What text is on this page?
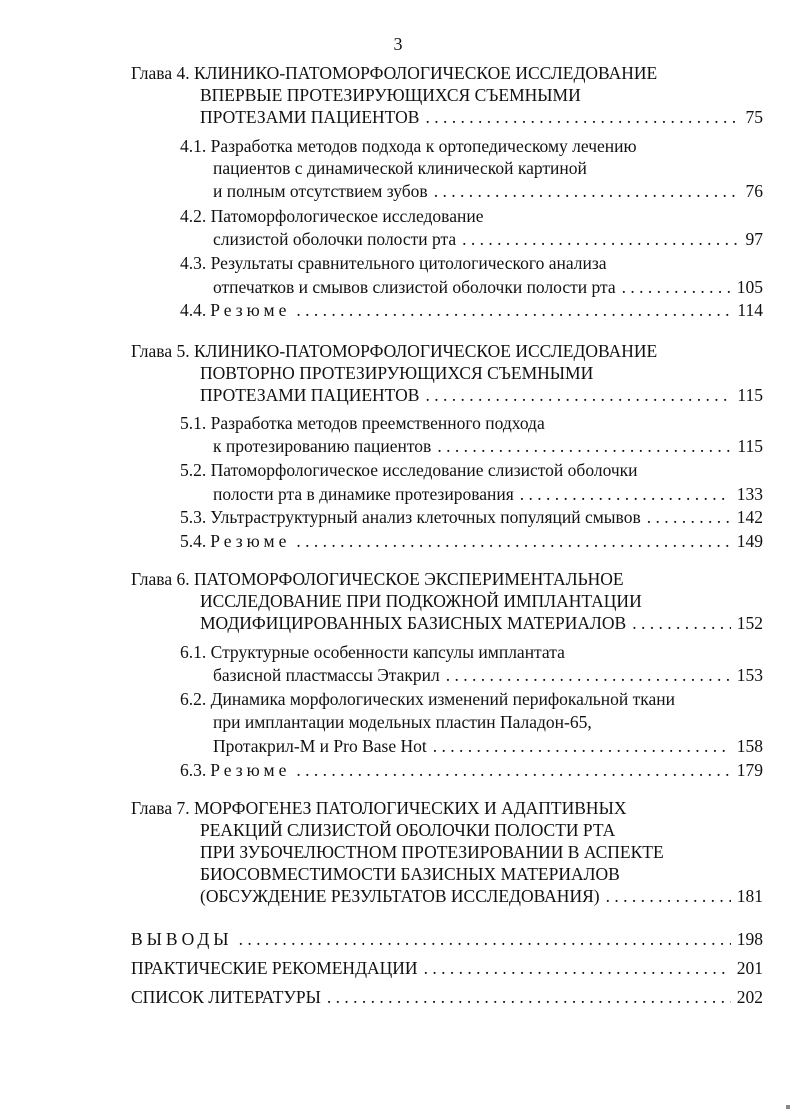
3
Глава 4. КЛИНИКО-ПАТОМОРФОЛОГИЧЕСКОЕ ИССЛЕДОВАНИЕ
ВПЕРВЫЕ ПРОТЕЗИРУЮЩИХСЯ СЪЕМНЫМИ
ПРОТЕЗАМИ ПАЦИЕНТОВ . . .	75
4.1. Разработка методов подхода к ортопедическому лечению
пациентов с динамической клинической картиной
и полным отсутствием зубов . . .	76
4.2. Патоморфологическое исследование
слизистой оболочки полости рта . . .	97
4.3. Результаты сравнительного цитологического анализа
отпечатков и смывов слизистой оболочки полости рта . . .	105
4.4. Резюме . . .	114
Глава 5. КЛИНИКО-ПАТОМОРФОЛОГИЧЕСКОЕ ИССЛЕДОВАНИЕ
ПОВТОРНО ПРОТЕЗИРУЮЩИХСЯ СЪЕМНЫМИ
ПРОТЕЗАМИ ПАЦИЕНТОВ . . .	115
5.1. Разработка методов преемственного подхода
к протезированию пациентов . . .	115
5.2. Патоморфологическое исследование слизистой оболочки
полости рта в динамике протезирования . . .	133
5.3. Ультраструктурный анализ клеточных популяций смывов . . .	142
5.4. Резюме . . .	149
Глава 6. ПАТОМОРФОЛОГИЧЕСКОЕ ЭКСПЕРИМЕНТАЛЬНОЕ
ИССЛЕДОВАНИЕ ПРИ ПОДКОЖНОЙ ИМПЛАНТАЦИИ
МОДИФИЦИРОВАННЫХ БАЗИСНЫХ МАТЕРИАЛОВ . . .	152
6.1. Структурные особенности капсулы имплантата
базисной пластмассы Этакрил . . .	153
6.2. Динамика морфологических изменений перифокальной ткани
при имплантации модельных пластин Паладон-65,
Протакрил-М и Pro Base Hot . . .	158
6.3. Резюме . . .	179
Глава 7. МОРФОГЕНЕЗ ПАТОЛОГИЧЕСКИХ И АДАПТИВНЫХ
РЕАКЦИЙ СЛИЗИСТОЙ ОБОЛОЧКИ ПОЛОСТИ РТА
ПРИ ЗУБОЧЕЛЮСТНОМ ПРОТЕЗИРОВАНИИ В АСПЕКТЕ
БИОСОВМЕСТИМОСТИ БАЗИСНЫХ МАТЕРИАЛОВ
(ОБСУЖДЕНИЕ РЕЗУЛЬТАТОВ ИССЛЕДОВАНИЯ) . . .	181
ВЫВОДЫ . . .	198
ПРАКТИЧЕСКИЕ РЕКОМЕНДАЦИИ . . .	201
СПИСОК ЛИТЕРАТУРЫ . . .	202
